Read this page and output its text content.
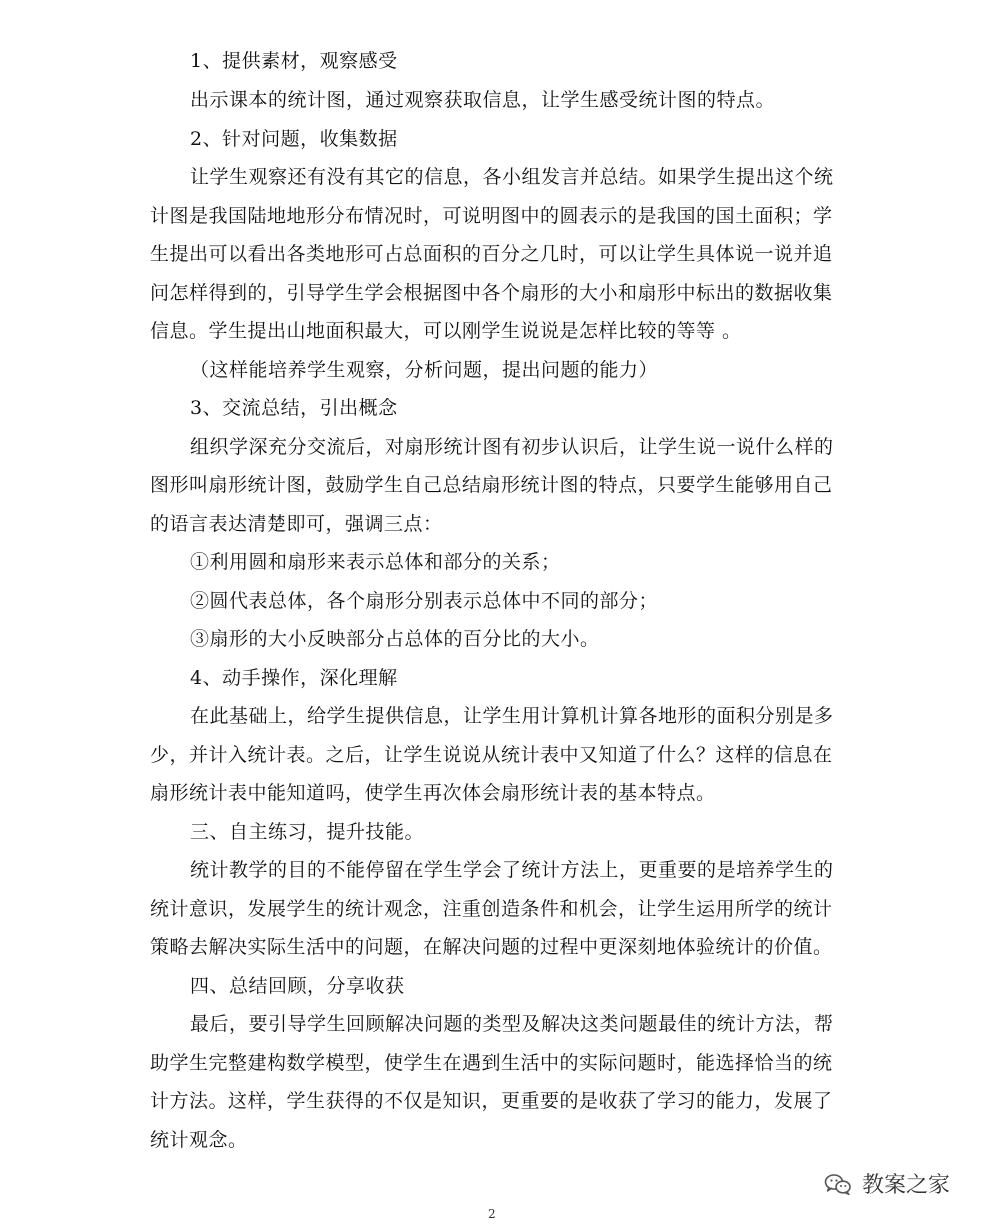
1、提供素材，观察感受
出示课本的统计图，通过观察获取信息，让学生感受统计图的特点。
2、针对问题，收集数据
让学生观察还有没有其它的信息，各小组发言并总结。如果学生提出这个统
计图是我国陆地地形分布情况时，可说明图中的圆表示的是我国的国土面积；学
生提出可以看出各类地形可占总面积的百分之几时，可以让学生具体说一说并追
问怎样得到的，引导学生学会根据图中各个扇形的大小和扇形中标出的数据收集
信息。学生提出山地面积最大，可以刚学生说说是怎样比较的等等 。
（这样能培养学生观察，分析问题，提出问题的能力）
3、交流总结，引出概念
组织学深充分交流后，对扇形统计图有初步认识后，让学生说一说什么样的
图形叫扇形统计图，鼓励学生自己总结扇形统计图的特点，只要学生能够用自己
的语言表达清楚即可，强调三点：
①利用圆和扇形来表示总体和部分的关系；
②圆代表总体，各个扇形分别表示总体中不同的部分；
③扇形的大小反映部分占总体的百分比的大小。
4、动手操作，深化理解
在此基础上，给学生提供信息，让学生用计算机计算各地形的面积分别是多
少，并计入统计表。之后，让学生说说从统计表中又知道了什么？这样的信息在
扇形统计表中能知道吗，使学生再次体会扇形统计表的基本特点。
三、自主练习，提升技能。
统计教学的目的不能停留在学生学会了统计方法上，更重要的是培养学生的
统计意识，发展学生的统计观念，注重创造条件和机会，让学生运用所学的统计
策略去解决实际生活中的问题，在解决问题的过程中更深刻地体验统计的价值。
四、总结回顾，分享收获
最后，要引导学生回顾解决问题的类型及解决这类问题最佳的统计方法，帮
助学生完整建构数学模型，使学生在遇到生活中的实际问题时，能选择恰当的统
计方法。这样，学生获得的不仅是知识，更重要的是收获了学习的能力，发展了
统计观念。
教案之家
2
